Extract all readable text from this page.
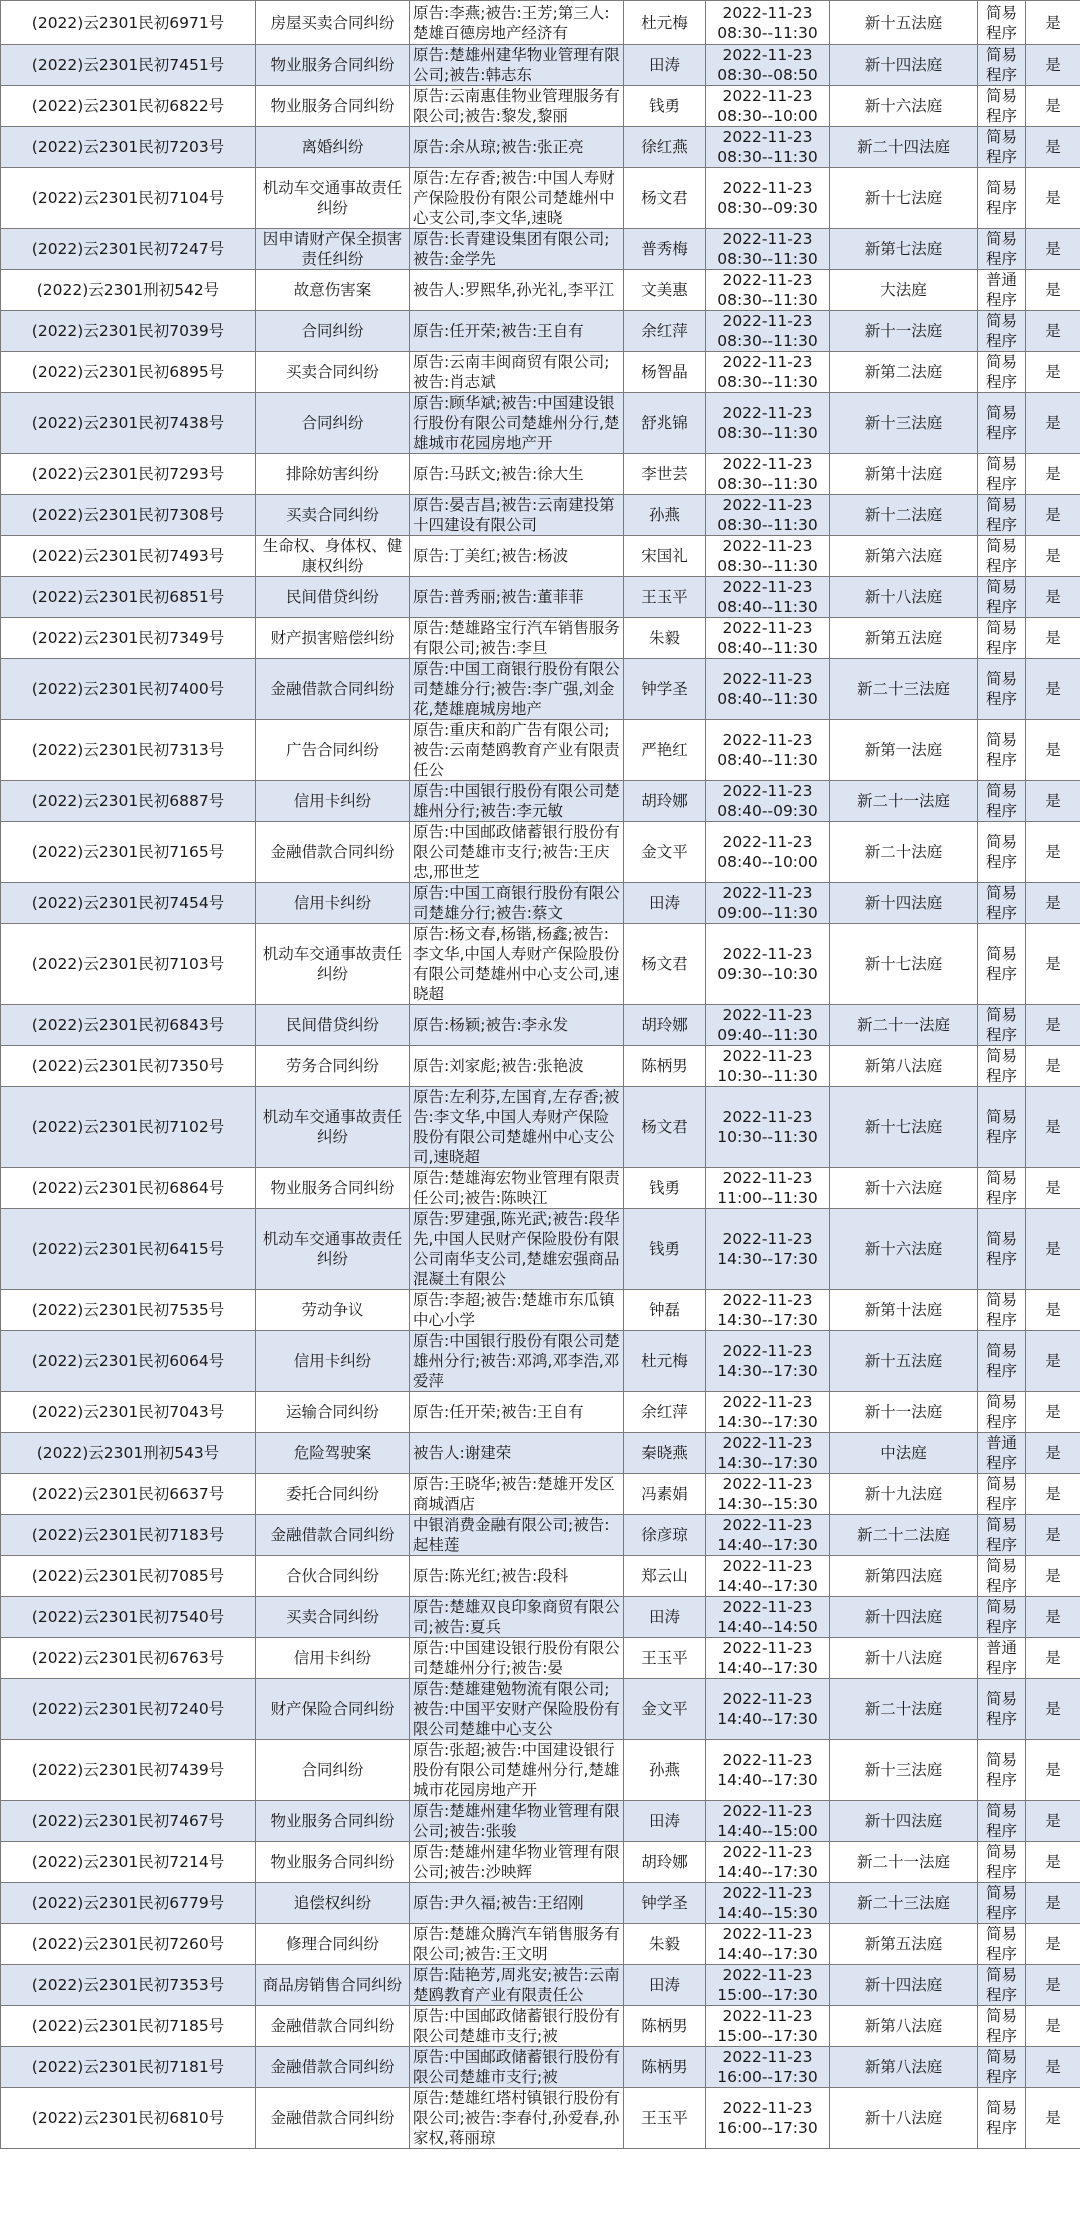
(2022)云2301民初6971号	房屋买卖合同纠纷	原告:李燕;被告:王芳;第三人:楚雄百德房地产经济有	杜元梅	2022-11-23
08:30--11:30	新十五法庭	简易程序	是
(2022)云2301民初7451号	物业服务合同纠纷	原告:楚雄州建华物业管理有限公司;被告:韩志东	田涛	2022-11-23
08:30--08:50	新十四法庭	简易程序	是
(2022)云2301民初6822号	物业服务合同纠纷	原告:云南惠佳物业管理服务有限公司;被告:黎发,黎丽	钱勇	2022-11-23
08:30--10:00	新十六法庭	简易程序	是
(2022)云2301民初7203号	离婚纠纷	原告:余从琼;被告:张正亮	徐红燕	2022-11-23
08:30--11:30	新二十四法庭	简易程序	是
(2022)云2301民初7104号	机动车交通事故责任纠纷	原告:左存香;被告:中国人寿财产保险股份有限公司楚雄州中心支公司,李文华,速晓	杨文君	2022-11-23
08:30--09:30	新十七法庭	简易程序	是
(2022)云2301民初7247号	因申请财产保全损害责任纠纷	原告:长青建设集团有限公司;被告:金学先	普秀梅	2022-11-23
08:30--11:30	新第七法庭	简易程序	是
(2022)云2301刑初542号	故意伤害案	被告人:罗熙华,孙光礼,李平江	文美惠	2022-11-23
08:30--11:30	大法庭	普通程序	是
(2022)云2301民初7039号	合同纠纷	原告:任开荣;被告:王自有	余红萍	2022-11-23
08:30--11:30	新十一法庭	简易程序	是
(2022)云2301民初6895号	买卖合同纠纷	原告:云南丰闽商贸有限公司;被告:肖志斌	杨智晶	2022-11-23
08:30--11:30	新第二法庭	简易程序	是
(2022)云2301民初7438号	合同纠纷	原告:顾华斌;被告:中国建设银行股份有限公司楚雄州分行,楚雄城市花园房地产开	舒兆锦	2022-11-23
08:30--11:30	新十三法庭	简易程序	是
(2022)云2301民初7293号	排除妨害纠纷	原告:马跃文;被告:徐大生	李世芸	2022-11-23
08:30--11:30	新第十法庭	简易程序	是
(2022)云2301民初7308号	买卖合同纠纷	原告:晏吉昌;被告:云南建投第十四建设有限公司	孙燕	2022-11-23
08:30--11:30	新十二法庭	简易程序	是
(2022)云2301民初7493号	生命权、身体权、健康权纠纷	原告:丁美红;被告:杨波	宋国礼	2022-11-23
08:30--11:30	新第六法庭	简易程序	是
(2022)云2301民初6851号	民间借贷纠纷	原告:普秀丽;被告:董菲菲	王玉平	2022-11-23
08:40--11:30	新十八法庭	简易程序	是
(2022)云2301民初7349号	财产损害赔偿纠纷	原告:楚雄路宝行汽车销售服务有限公司;被告:李旦	朱毅	2022-11-23
08:40--11:30	新第五法庭	简易程序	是
(2022)云2301民初7400号	金融借款合同纠纷	原告:中国工商银行股份有限公司楚雄分行;被告:李广强,刘金花,楚雄鹿城房地产	钟学圣	2022-11-23
08:40--11:30	新二十三法庭	简易程序	是
(2022)云2301民初7313号	广告合同纠纷	原告:重庆和韵广告有限公司;被告:云南楚鸥教育产业有限责任公	严艳红	2022-11-23
08:40--11:30	新第一法庭	简易程序	是
(2022)云2301民初6887号	信用卡纠纷	原告:中国银行股份有限公司楚雄州分行;被告:李元敏	胡玲娜	2022-11-23
08:40--09:30	新二十一法庭	简易程序	是
(2022)云2301民初7165号	金融借款合同纠纷	原告:中国邮政储蓄银行股份有限公司楚雄市支行;被告:王庆忠,邢世芝	金文平	2022-11-23
08:40--10:00	新二十法庭	简易程序	是
(2022)云2301民初7454号	信用卡纠纷	原告:中国工商银行股份有限公司楚雄分行;被告:蔡文	田涛	2022-11-23
09:00--11:30	新十四法庭	简易程序	是
(2022)云2301民初7103号	机动车交通事故责任纠纷	原告:杨文春,杨锴,杨鑫;被告:李文华,中国人寿财产保险股份有限公司楚雄州中心支公司,速晓超	杨文君	2022-11-23
09:30--10:30	新十七法庭	简易程序	是
(2022)云2301民初6843号	民间借贷纠纷	原告:杨颖;被告:李永发	胡玲娜	2022-11-23
09:40--11:30	新二十一法庭	简易程序	是
(2022)云2301民初7350号	劳务合同纠纷	原告:刘家彪;被告:张艳波	陈柄男	2022-11-23
10:30--11:30	新第八法庭	简易程序	是
(2022)云2301民初7102号	机动车交通事故责任纠纷	原告:左利芬,左国育,左存香;被告:李文华,中国人寿财产保险股份有限公司楚雄州中心支公司,速晓超	杨文君	2022-11-23
10:30--11:30	新十七法庭	简易程序	是
(2022)云2301民初6864号	物业服务合同纠纷	原告:楚雄海宏物业管理有限责任公司;被告:陈映江	钱勇	2022-11-23
11:00--11:30	新十六法庭	简易程序	是
(2022)云2301民初6415号	机动车交通事故责任纠纷	原告:罗建强,陈光武;被告:段华先,中国人民财产保险股份有限公司南华支公司,楚雄宏强商品混凝土有限公	钱勇	2022-11-23
14:30--17:30	新十六法庭	简易程序	是
(2022)云2301民初7535号	劳动争议	原告:李超;被告:楚雄市东瓜镇中心小学	钟磊	2022-11-23
14:30--17:30	新第十法庭	简易程序	是
(2022)云2301民初6064号	信用卡纠纷	原告:中国银行股份有限公司楚雄州分行;被告:邓鸿,邓李浩,邓爱萍	杜元梅	2022-11-23
14:30--17:30	新十五法庭	简易程序	是
(2022)云2301民初7043号	运输合同纠纷	原告:任开荣;被告:王自有	余红萍	2022-11-23
14:30--17:30	新十一法庭	简易程序	是
(2022)云2301刑初543号	危险驾驶案	被告人:谢建荣	秦晓燕	2022-11-23
14:30--17:30	中法庭	普通程序	是
(2022)云2301民初6637号	委托合同纠纷	原告:王晓华;被告:楚雄开发区商城酒店	冯素娟	2022-11-23
14:30--15:30	新十九法庭	简易程序	是
(2022)云2301民初7183号	金融借款合同纠纷	中银消费金融有限公司;被告:起桂莲	徐彦琼	2022-11-23
14:40--17:30	新二十二法庭	简易程序	是
(2022)云2301民初7085号	合伙合同纠纷	原告:陈光红;被告:段科	郑云山	2022-11-23
14:40--17:30	新第四法庭	简易程序	是
(2022)云2301民初7540号	买卖合同纠纷	原告:楚雄双良印象商贸有限公司;被告:夏兵	田涛	2022-11-23
14:40--14:50	新十四法庭	简易程序	是
(2022)云2301民初6763号	信用卡纠纷	原告:中国建设银行股份有限公司楚雄州分行;被告:晏	王玉平	2022-11-23
14:40--17:30	新十八法庭	普通程序	是
(2022)云2301民初7240号	财产保险合同纠纷	原告:楚雄建勉物流有限公司;被告:中国平安财产保险股份有限公司楚雄中心支公	金文平	2022-11-23
14:40--17:30	新二十法庭	简易程序	是
(2022)云2301民初7439号	合同纠纷	原告:张超;被告:中国建设银行股份有限公司楚雄州分行,楚雄城市花园房地产开	孙燕	2022-11-23
14:40--17:30	新十三法庭	简易程序	是
(2022)云2301民初7467号	物业服务合同纠纷	原告:楚雄州建华物业管理有限公司;被告:张骏	田涛	2022-11-23
14:40--15:00	新十四法庭	简易程序	是
(2022)云2301民初7214号	物业服务合同纠纷	原告:楚雄州建华物业管理有限公司;被告:沙映辉	胡玲娜	2022-11-23
14:40--17:30	新二十一法庭	简易程序	是
(2022)云2301民初6779号	追偿权纠纷	原告:尹久福;被告:王绍刚	钟学圣	2022-11-23
14:40--15:30	新二十三法庭	简易程序	是
(2022)云2301民初7260号	修理合同纠纷	原告:楚雄众腾汽车销售服务有限公司;被告:王文明	朱毅	2022-11-23
14:40--17:30	新第五法庭	简易程序	是
(2022)云2301民初7353号	商品房销售合同纠纷	原告:陆艳芳,周兆安;被告:云南楚鸥教育产业有限责任公	田涛	2022-11-23
15:00--17:30	新十四法庭	简易程序	是
(2022)云2301民初7185号	金融借款合同纠纷	原告:中国邮政储蓄银行股份有限公司楚雄市支行;被	陈柄男	2022-11-23
15:00--17:30	新第八法庭	简易程序	是
(2022)云2301民初7181号	金融借款合同纠纷	原告:中国邮政储蓄银行股份有限公司楚雄市支行;被	陈柄男	2022-11-23
16:00--17:30	新第八法庭	简易程序	是
(2022)云2301民初6810号	金融借款合同纠纷	原告:楚雄红塔村镇银行股份有限公司;被告:李春付,孙爱春,孙家权,蒋丽琼	王玉平	2022-11-23
16:00--17:30	新十八法庭	简易程序	是
